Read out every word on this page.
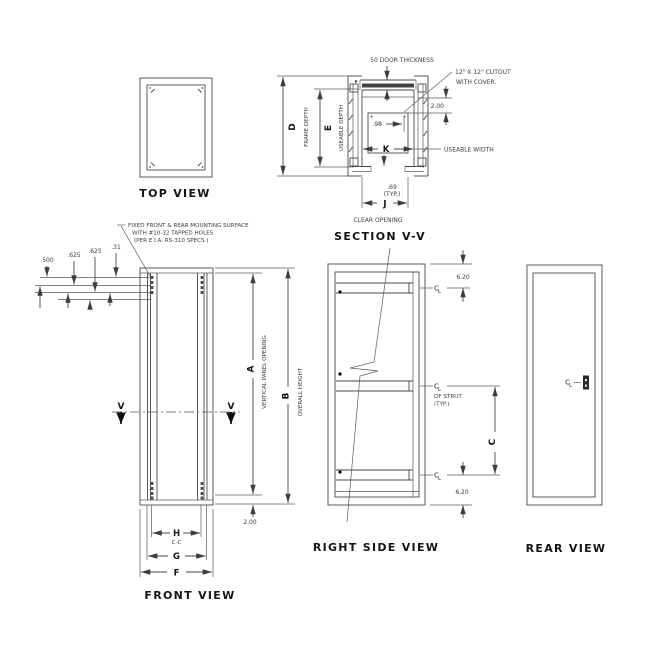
TOP VIEW
D FRAME DEPTH E USEABLE DEPTH
.50 DOOR THICKNESS
12" X 12" CUTOUT
WITH COVER.
2.00
.98
K	USEABLE WIDTH
.69
(TYP.)
J
CLEAR OPENING
SECTION V-V
FIXED FRONT & REAR MOUNTING SURFACE
WITH #10-32 TAPPED HOLES
(PER E.I.A. RS-310 SPECS.)
.500
.625
.625
.31
V	V
A VERTICAL PANEL OPENING B OVERALL HEIGHT
2.00
H
C-C
G
F
FRONT VIEW
C L
C L
C L
OF STRUT
(TYP.)
6.20
6.20
C
RIGHT SIDE VIEW
C L
REAR VIEW
